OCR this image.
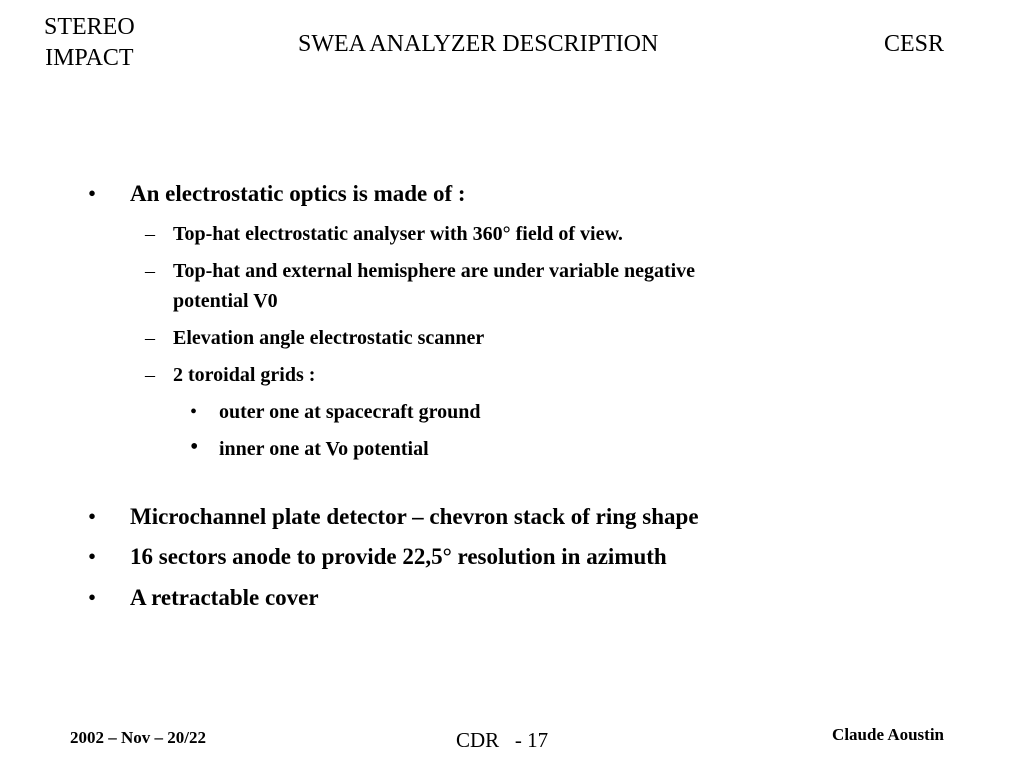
STEREO
IMPACT
SWEA ANALYZER DESCRIPTION	CESR
• An electrostatic optics is made of :
– Top-hat electrostatic analyser with 360° field of view.
– Top-hat and external hemisphere are under variable negative
potential V0
– Elevation angle electrostatic scanner
– 2 toroidal grids :
• outer one at spacecraft ground
• inner one at Vo potential
• Microchannel plate detector – chevron stack of ring shape
• 16 sectors anode to provide 22,5° resolution in azimuth
• A retractable cover
2002 – Nov – 20/22	CDR   - 17	Claude Aoustin
